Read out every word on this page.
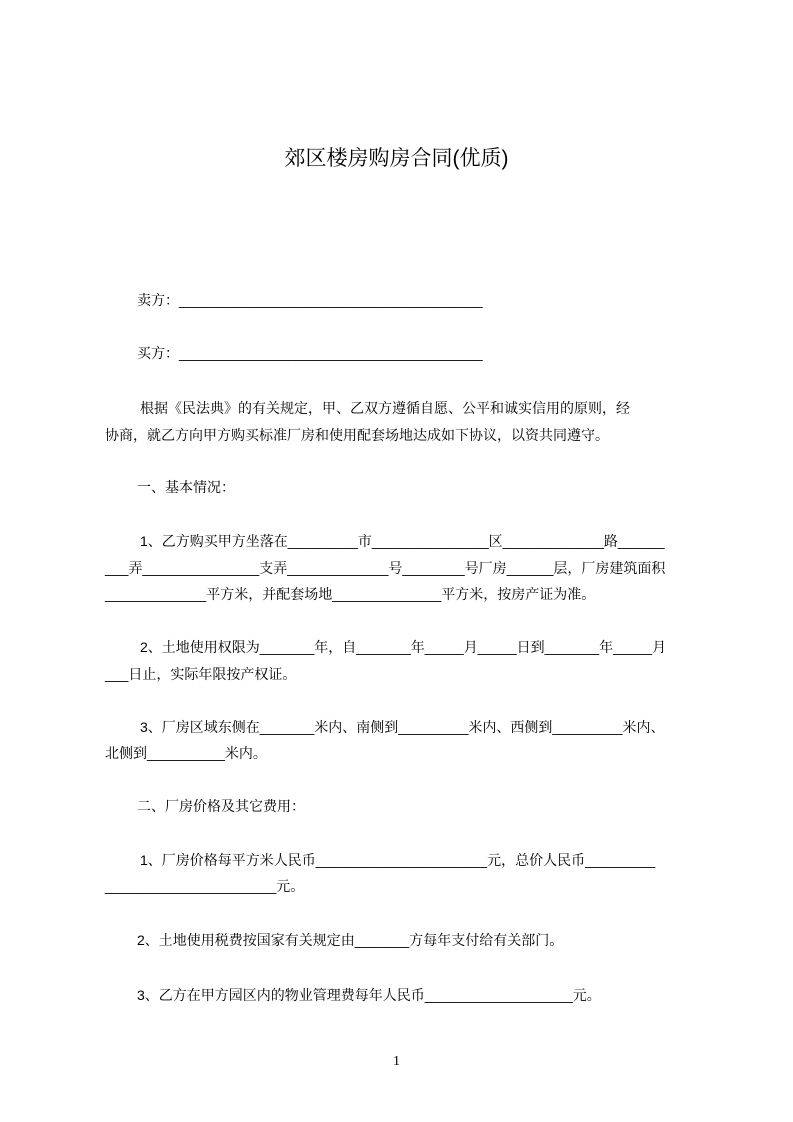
郊区楼房购房合同(优质)
卖方：_______________________________________
买方：_______________________________________
根据《民法典》的有关规定，甲、乙双方遵循自愿、公平和诚实信用的原则，经
协商，就乙方向甲方购买标准厂房和使用配套场地达成如下协议，以资共同遵守。
一、基本情况：
1、乙方购买甲方坐落在_________市_______________区_____________路______
___弄_______________支弄_____________号________号厂房______层，厂房建筑面积
_____________平方米，并配套场地______________平方米，按房产证为准。
2、土地使用权限为_______年，自_______年_____月_____日到_______年_____月
___日止，实际年限按产权证。
3、厂房区域东侧在_______米内、南侧到_________米内、西侧到_________米内、
北侧到__________米内。
二、厂房价格及其它费用：
1、厂房价格每平方米人民币______________________元，总价人民币_________
______________________元。
2、土地使用税费按国家有关规定由_______方每年支付给有关部门。
3、乙方在甲方园区内的物业管理费每年人民币___________________元。
1
